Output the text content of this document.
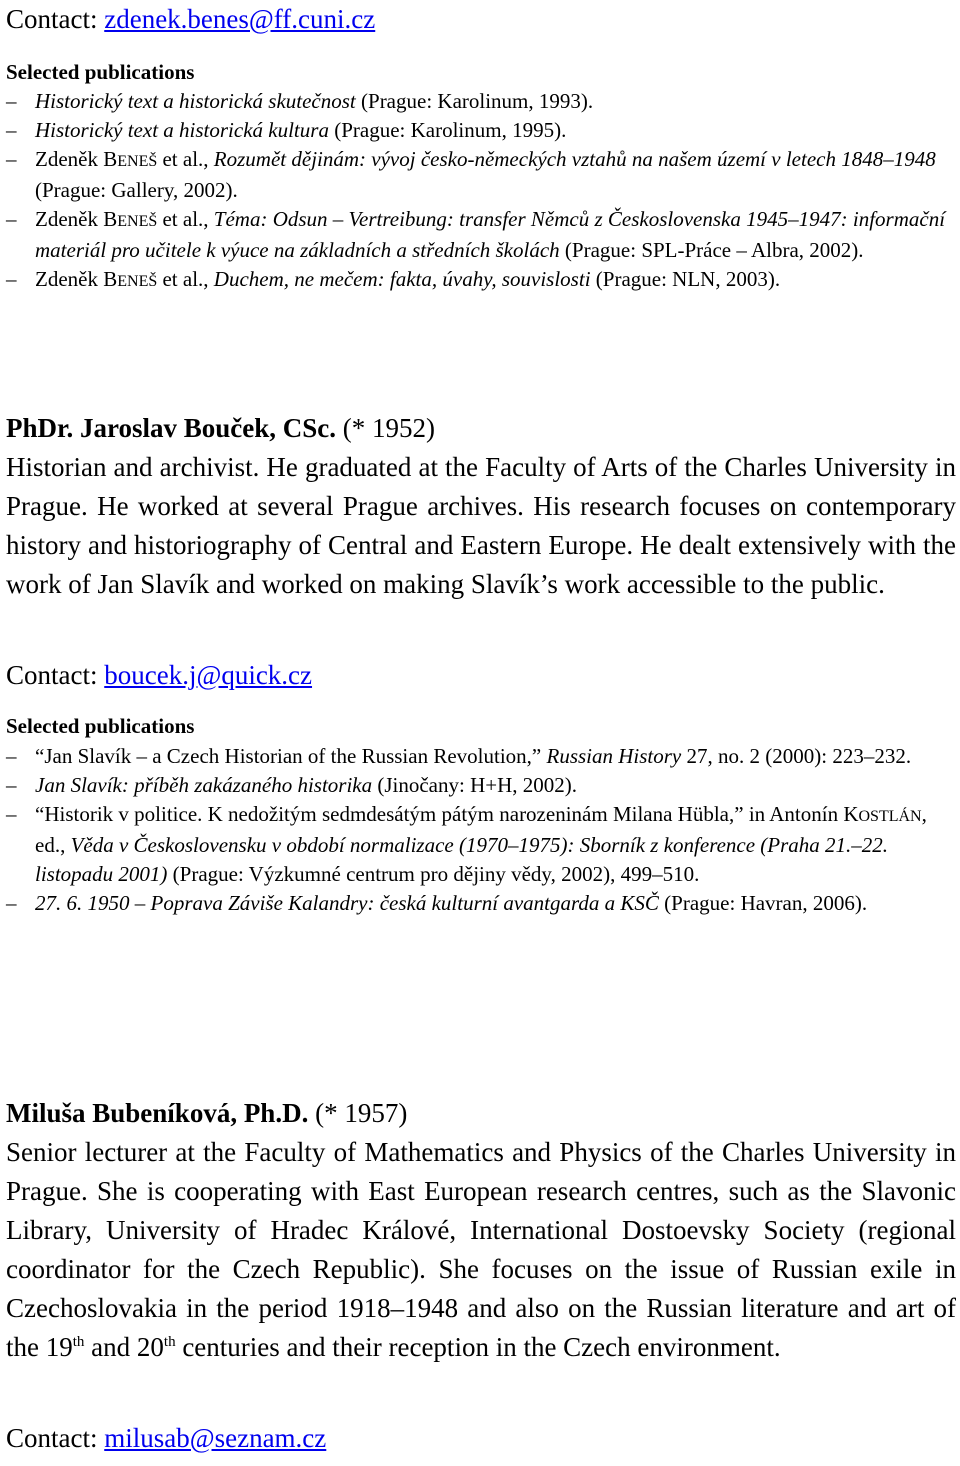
Contact: zdenek.benes@ff.cuni.cz
Selected publications
– Historický text a historická skutečnost (Prague: Karolinum, 1993).
– Historický text a historická kultura (Prague: Karolinum, 1995).
– Zdeněk BENEŠ et al., Rozumět dějinám: vývoj česko-německých vztahů na našem území v letech 1848–1948 (Prague: Gallery, 2002).
– Zdeněk BENEŠ et al., Téma: Odsun – Vertreibung: transfer Němců z Československa 1945–1947: informační materiál pro učitele k výuce na základních a středních školách (Prague: SPL-Práce – Albra, 2002).
– Zdeněk BENEŠ et al., Duchem, ne mečem: fakta, úvahy, souvislosti (Prague: NLN, 2003).
PhDr. Jaroslav Bouček, CSc. (* 1952)
Historian and archivist. He graduated at the Faculty of Arts of the Charles University in Prague. He worked at several Prague archives. His research focuses on contemporary history and historiography of Central and Eastern Europe. He dealt extensively with the work of Jan Slavík and worked on making Slavík’s work accessible to the public.
Contact: boucek.j@quick.cz
Selected publications
– “Jan Slavík – a Czech Historian of the Russian Revolution,” Russian History 27, no. 2 (2000): 223–232.
– Jan Slavík: příběh zakázaného historika (Jinočany: H+H, 2002).
– “Historik v politice. K nedožitým sedmdesátým pátým narozeninám Milana Hübla,” in Antonín KOSTLÁN, ed., Věda v Československu v období normalizace (1970–1975): Sborník z konference (Praha 21.–22. listopadu 2001) (Prague: Výzkumné centrum pro dějiny vědy, 2002), 499–510.
– 27. 6. 1950 – Poprava Záviše Kalandry: česká kulturní avantgarda a KSČ (Prague: Havran, 2006).
Miluša Bubeníková, Ph.D. (* 1957)
Senior lecturer at the Faculty of Mathematics and Physics of the Charles University in Prague. She is cooperating with East European research centres, such as the Slavonic Library, University of Hradec Králové, International Dostoevsky Society (regional coordinator for the Czech Republic). She focuses on the issue of Russian exile in Czechoslovakia in the period 1918–1948 and also on the Russian literature and art of the 19th and 20th centuries and their reception in the Czech environment.
Contact: milusab@seznam.cz
